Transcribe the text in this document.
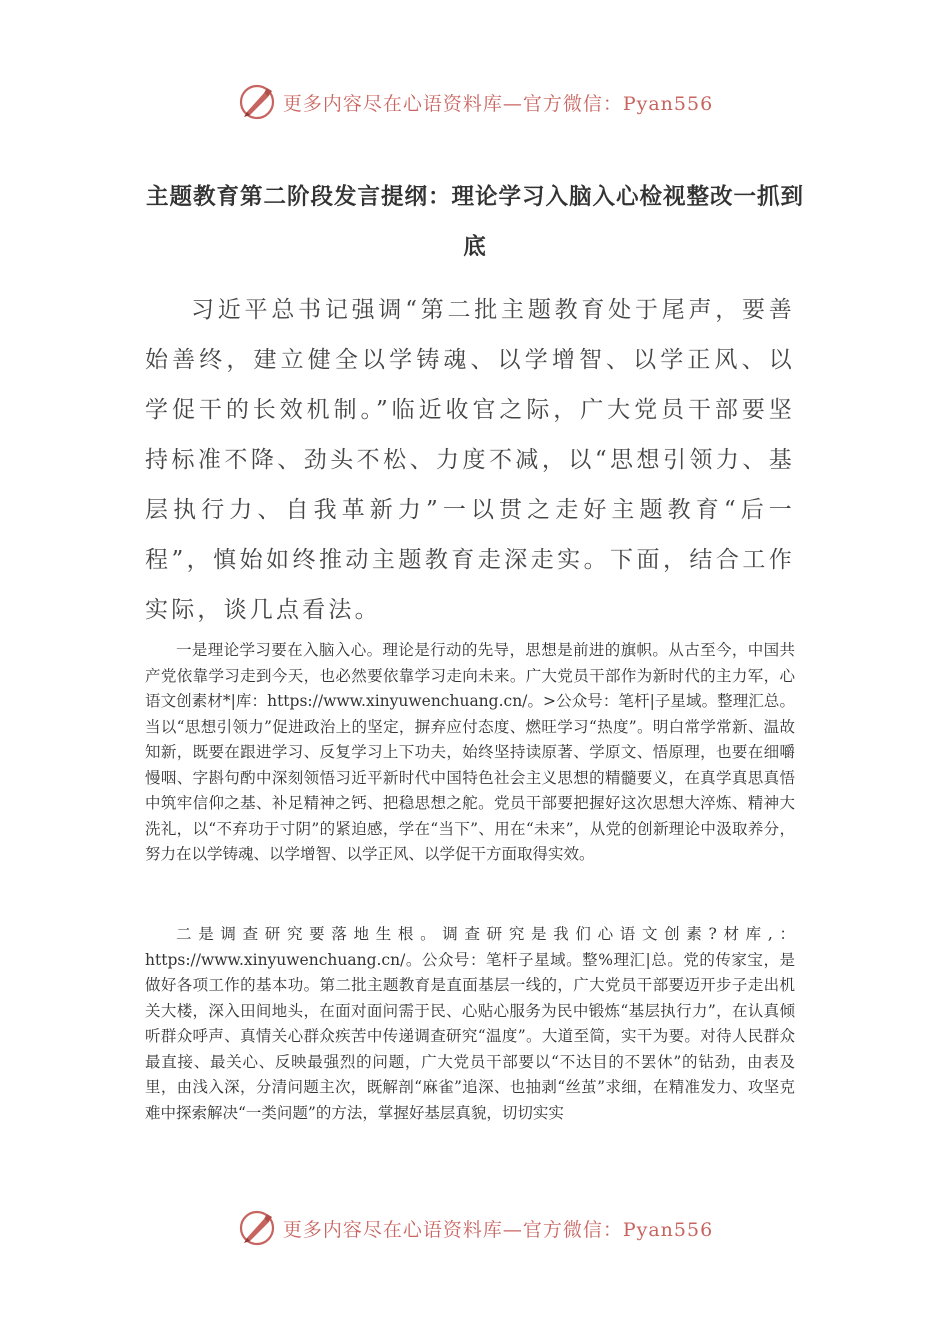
更多内容尽在心语资料库—官方微信：Pyan556
主题教育第二阶段发言提纲：理论学习入脑入心检视整改一抓到底

习近平总书记强调“第二批主题教育处于尾声，要善始善终，建立健全以学铸魂、以学增智、以学正风、以学促干的长效机制。”临近收官之际，广大党员干部要坚持标准不降、劲头不松、力度不减，以“思想引领力、基层执行力、自我革新力”一以贯之走好主题教育“后一程”，慎始如终推动主题教育走深走实。下面，结合工作实际，谈几点看法。

一是理论学习要在入脑入心。理论是行动的先导，思想是前进的旗帜。从古至今，中国共产党依靠学习走到今天，也必然要依靠学习走向未来。广大党员干部作为新时代的主力军，心语文创素材*|库：https://www.xinyuwenchuang.cn/。>公众号：笔杆|子星域。整理汇总。当以“思想引领力”促进政治上的坚定，摒弃应付态度、燃旺学习“热度”。明白常学常新、温故知新，既要在跟进学习、反复学习上下功夫，始终坚持读原著、学原文、悟原理，也要在细嚼慢咽、字斟句酌中深刻领悟习近平新时代中国特色社会主义思想的精髓要义，在真学真思真悟中筑牢信仰之基、补足精神之钙、把稳思想之舵。党员干部要把握好这次思想大淬炼、精神大洗礼，以“不弃功于寸阴”的紧迫感，学在“当下”、用在“未来”，从党的创新理论中汲取养分，努力在以学铸魂、以学增智、以学正风、以学促干方面取得实效。

二是调查研究要落地生根。调查研究是我们心语文创素?材库,：https://www.xinyuwenchuang.cn/。公众号：笔杆子星域。整%理汇|总。党的传家宝，是做好各项工作的基本功。第二批主题教育是直面基层一线的，广大党员干部要迈开步子走出机关大楼，深入田间地头，在面对面问需于民、心贴心服务为民中锻炼“基层执行力”，在认真倾听群众呼声、真情关心群众疾苦中传递调查研究“温度”。大道至简，实干为要。对待人民群众最直接、最关心、反映最强烈的问题，广大党员干部要以“不达目的不罢休”的钻劲，由表及里，由浅入深，分清问题主次，既解剖“麻雀”追深、也抽剥“丝茧”求细，在精准发力、攻坚克难中探索解决“一类问题”的方法，掌握好基层真貌，切切实实

更多内容尽在心语资料库—官方微信：Pyan556
